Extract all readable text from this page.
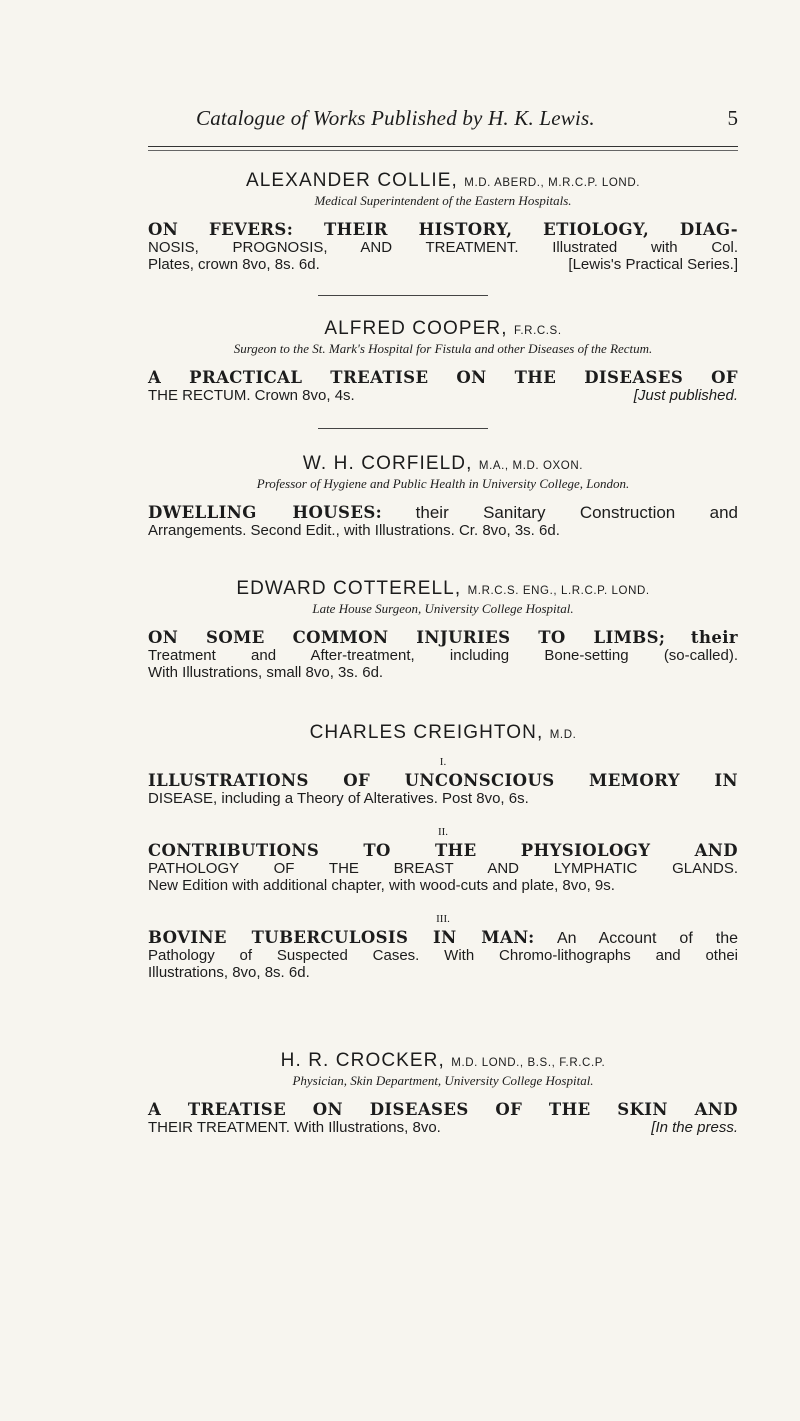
Catalogue of Works Published by H. K. Lewis.	5
ALEXANDER COLLIE, M.D. ABERD., M.R.C.P. LOND.
Medical Superintendent of the Eastern Hospitals.
ON FEVERS: THEIR HISTORY, ETIOLOGY, DIAG-
NOSIS, PROGNOSIS, AND TREATMENT. Illustrated with Col.
Plates, crown 8vo, 8s. 6d.	[Lewis's Practical Series.]
ALFRED COOPER, F.R.C.S.
Surgeon to the St. Mark's Hospital for Fistula and other Diseases of the Rectum.
A PRACTICAL TREATISE ON THE DISEASES OF
THE RECTUM. Crown 8vo, 4s.	[Just published.
W. H. CORFIELD, M.A., M.D. OXON.
Professor of Hygiene and Public Health in University College, London.
DWELLING HOUSES: their Sanitary Construction and
Arrangements. Second Edit., with Illustrations. Cr. 8vo, 3s. 6d.
EDWARD COTTERELL, M.R.C.S. ENG., L.R.C.P. LOND.
Late House Surgeon, University College Hospital.
ON SOME COMMON INJURIES TO LIMBS; their
Treatment and After-treatment, including Bone-setting (so-called).
With Illustrations, small 8vo, 3s. 6d.
CHARLES CREIGHTON, M.D.
I.
ILLUSTRATIONS OF UNCONSCIOUS MEMORY IN
DISEASE, including a Theory of Alteratives. Post 8vo, 6s.
II.
CONTRIBUTIONS TO THE PHYSIOLOGY AND
PATHOLOGY OF THE BREAST AND LYMPHATIC GLANDS.
New Edition with additional chapter, with wood-cuts and plate, 8vo, 9s.
III.
BOVINE TUBERCULOSIS IN MAN: An Account of the
Pathology of Suspected Cases. With Chromo-lithographs and othei
Illustrations, 8vo, 8s. 6d.
H. R. CROCKER, M.D. LOND., B.S., F.R.C.P.
Physician, Skin Department, University College Hospital.
A TREATISE ON DISEASES OF THE SKIN AND
THEIR TREATMENT. With Illustrations, 8vo.	[In the press.
